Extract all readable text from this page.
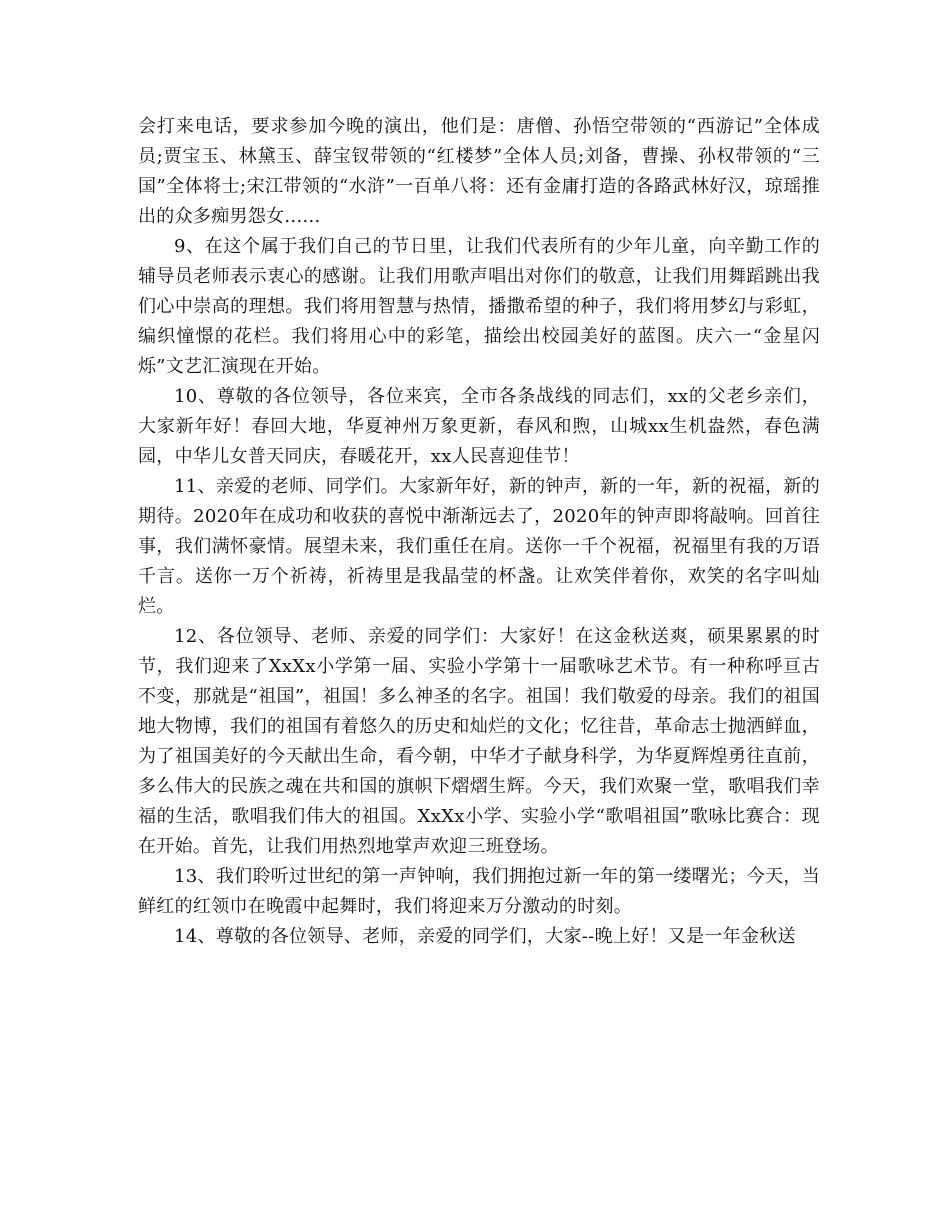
会打来电话，要求参加今晚的演出，他们是：唐僧、孙悟空带领的“西游记”全体成员;贾宝玉、林黛玉、薛宝钗带领的“红楼梦”全体人员;刘备，曹操、孙权带领的“三国”全体将士;宋江带领的“水浒”一百单八将：还有金庸打造的各路武林好汉，琼瑶推出的众多痴男怨女......

9、在这个属于我们自己的节日里，让我们代表所有的少年儿童，向辛勤工作的辅导员老师表示衷心的感谢。让我们用歌声唱出对你们的敬意，让我们用舞蹈跳出我们心中崇高的理想。我们将用智慧与热情，播撒希望的种子，我们将用梦幻与彩虹，编织憧憬的花栏。我们将用心中的彩笔，描绘出校园美好的蓝图。庆六一“金星闪烁”文艺汇演现在开始。

10、尊敬的各位领导，各位来宾，全市各条战线的同志们，xx的父老乡亲们，大家新年好！春回大地，华夏神州万象更新，春风和煦，山城xx生机盎然，春色满园，中华儿女普天同庆，春暖花开，xx人民喜迎佳节！

11、亲爱的老师、同学们。大家新年好，新的钟声，新的一年，新的祝福，新的期待。2020年在成功和收获的喜悦中渐渐远去了，2020年的钟声即将敲响。回首往事，我们满怀豪情。展望未来，我们重任在肩。送你一千个祝福，祝福里有我的万语千言。送你一万个祈祷，祈祷里是我晶莹的杯盏。让欢笑伴着你，欢笑的名字叫灿烂。

12、各位领导、老师、亲爱的同学们：大家好！在这金秋送爽，硕果累累的时节，我们迎来了XxXx小学第一届、实验小学第十一届歌咏艺术节。有一种称呼亘古不变，那就是“祖国”，祖国！多么神圣的名字。祖国！我们敬爱的母亲。我们的祖国地大物博，我们的祖国有着悠久的历史和灿烂的文化；忆往昔，革命志士抛洒鲜血，为了祖国美好的今天献出生命，看今朝，中华才子献身科学，为华夏辉煌勇往直前，多么伟大的民族之魂在共和国的旗帜下熠熠生辉。今天，我们欢聚一堂，歌唱我们幸福的生活，歌唱我们伟大的祖国。XxXx小学、实验小学“歌唱祖国”歌咏比赛合：现在开始。首先，让我们用热烈地掌声欢迎三班登场。

13、我们聆听过世纪的第一声钟响，我们拥抱过新一年的第一缕曙光；今天，当鲜红的红领巾在晚霞中起舞时，我们将迎来万分激动的时刻。

14、尊敬的各位领导、老师，亲爱的同学们，大家--晚上好！又是一年金秋送
